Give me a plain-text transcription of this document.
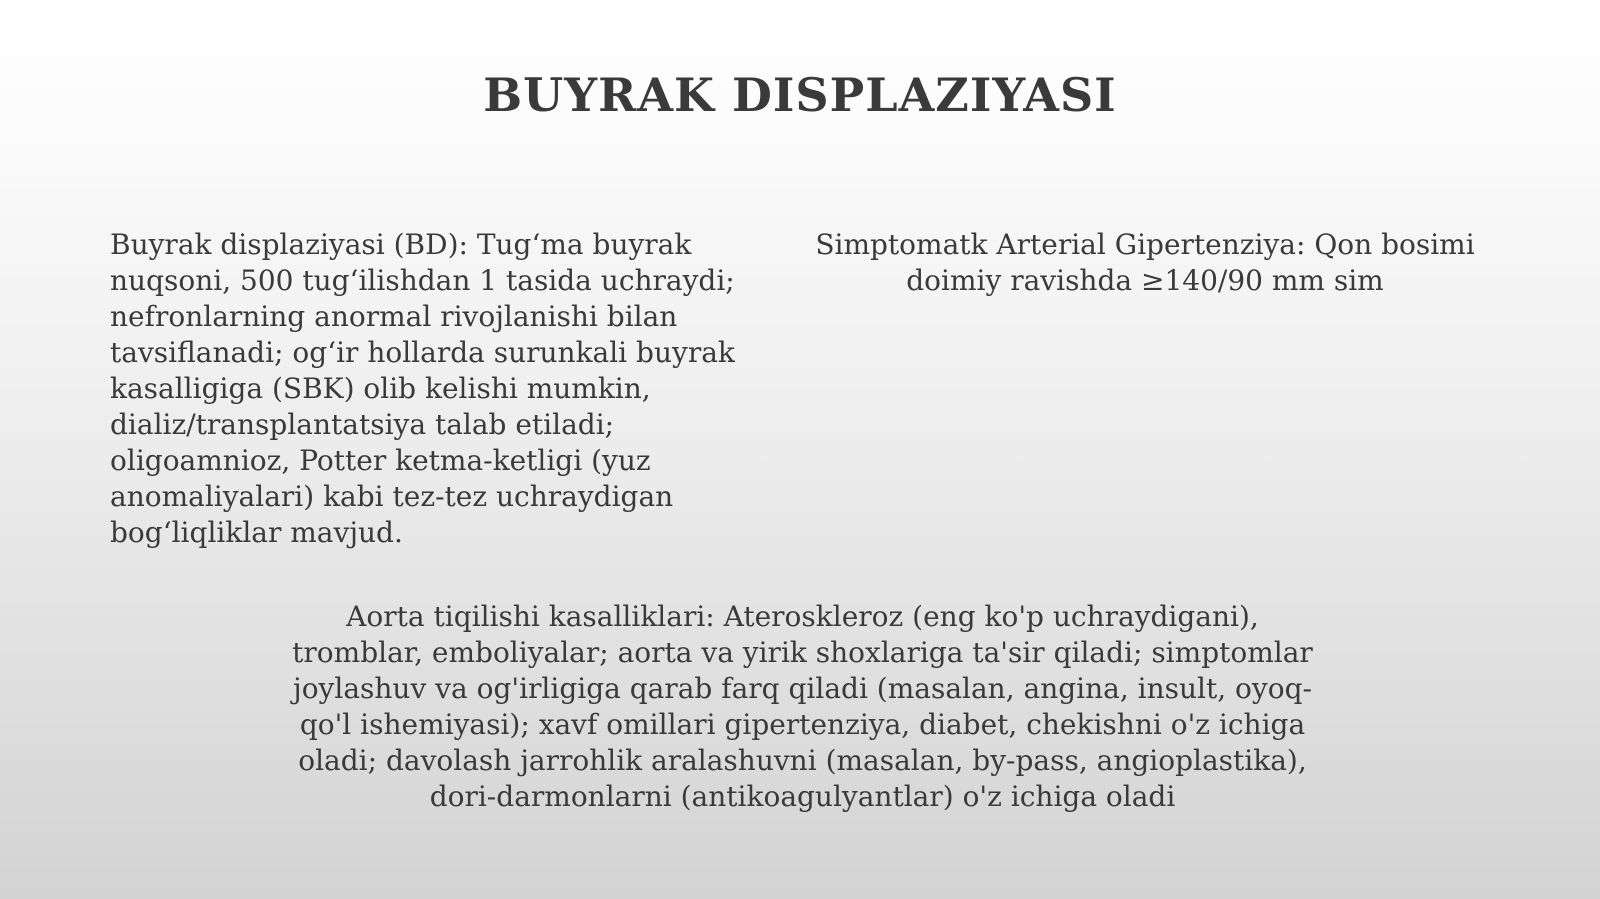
BUYRAK DISPLAZIYASI

Buyrak displaziyasi (BD): Tug‘ma buyrak nuqsoni, 500 tug‘ilishdan 1 tasida uchraydi; nefronlarning anormal rivojlanishi bilan tavsiflanadi; og‘ir hollarda surunkali buyrak kasalligiga (SBK) olib kelishi mumkin, dializ/transplantatsiya talab etiladi; oligoamnioz, Potter ketma-ketligi (yuz anomaliyalari) kabi tez-tez uchraydigan bog‘liqliklar mavjud.

Simptomatk Arterial Gipertenziya: Qon bosimi doimiy ravishda ≥140/90 mm sim

Aorta tiqilishi kasalliklari: Ateroskleroz (eng ko'p uchraydigani), tromblar, emboliyalar; aorta va yirik shoxlariga ta'sir qiladi; simptomlar joylashuv va og'irligiga qarab farq qiladi (masalan, angina, insult, oyoq-qo'l ishemiyasi); xavf omillari gipertenziya, diabet, chekishni o'z ichiga oladi; davolash jarrohlik aralashuvni (masalan, by-pass, angioplastika), dori-darmonlarni (antikoagulyantlar) o'z ichiga oladi
